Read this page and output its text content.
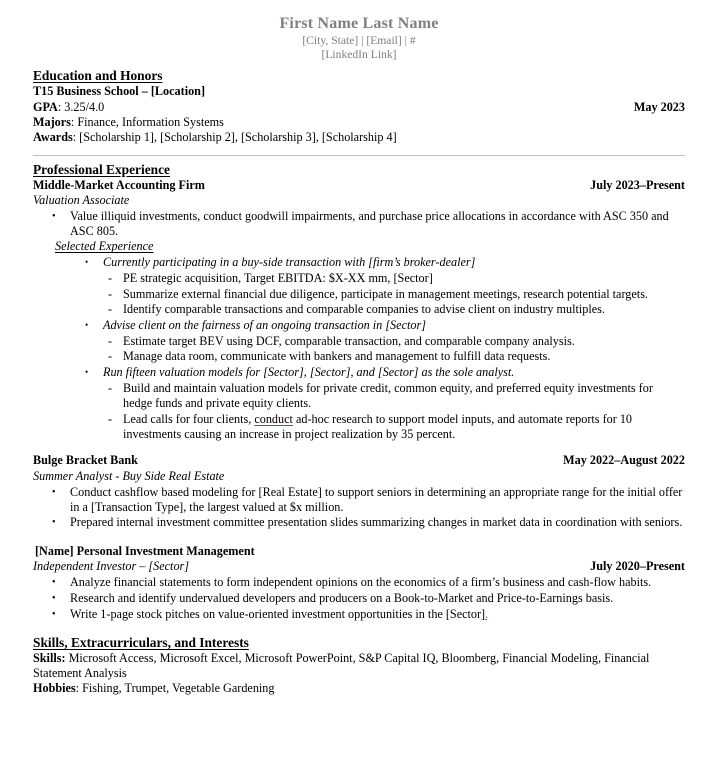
First Name Last Name
[City, State] | [Email] | #
[LinkedIn Link]
Education and Honors
T15 Business School – [Location]
GPA: 3.25/4.0	May 2023
Majors: Finance, Information Systems
Awards: [Scholarship 1], [Scholarship 2], [Scholarship 3], [Scholarship 4]
Professional Experience
Middle-Market Accounting Firm	July 2023–Present
Valuation Associate
•	Value illiquid investments, conduct goodwill impairments, and purchase price allocations in accordance with ASC 350 and ASC 805.
Selected Experience
•	Currently participating in a buy-side transaction with [firm’s broker-dealer]
- PE strategic acquisition, Target EBITDA: $X-XX mm, [Sector]
- Summarize external financial due diligence, participate in management meetings, research potential targets.
- Identify comparable transactions and comparable companies to advise client on industry multiples.
•	Advise client on the fairness of an ongoing transaction in [Sector]
- Estimate target BEV using DCF, comparable transaction, and comparable company analysis.
- Manage data room, communicate with bankers and management to fulfill data requests.
•	Run fifteen valuation models for [Sector], [Sector], and [Sector] as the sole analyst.
- Build and maintain valuation models for private credit, common equity, and preferred equity investments for hedge funds and private equity clients.
- Lead calls for four clients, conduct ad-hoc research to support model inputs, and automate reports for 10 investments causing an increase in project realization by 35 percent.
Bulge Bracket Bank	May 2022–August 2022
Summer Analyst - Buy Side Real Estate
•	Conduct cashflow based modeling for [Real Estate] to support seniors in determining an appropriate range for the initial offer in a [Transaction Type], the largest valued at $x million.
•	Prepared internal investment committee presentation slides summarizing changes in market data in coordination with seniors.
[Name] Personal Investment Management
Independent Investor – [Sector]	July 2020–Present
•	Analyze financial statements to form independent opinions on the economics of a firm’s business and cash-flow habits.
•	Research and identify undervalued developers and producers on a Book-to-Market and Price-to-Earnings basis.
•	Write 1-page stock pitches on value-oriented investment opportunities in the [Sector].
Skills, Extracurriculars, and Interests
Skills: Microsoft Access, Microsoft Excel, Microsoft PowerPoint, S&P Capital IQ, Bloomberg, Financial Modeling, Financial Statement Analysis
Hobbies: Fishing, Trumpet, Vegetable Gardening
